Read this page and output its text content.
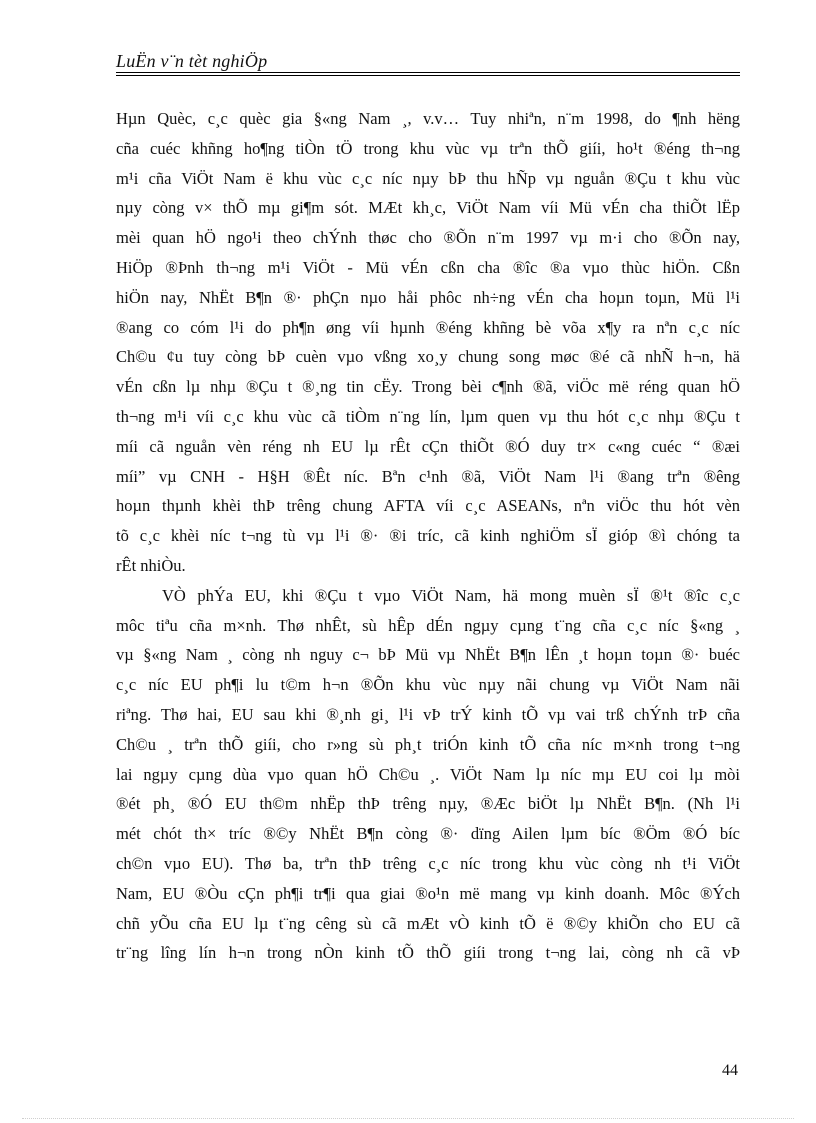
LuËn v¨n tèt nghiÖp
Hµn Quèc, c¸c quèc gia §«ng Nam ¸, v.v… Tuy nhiªn, n¨m 1998, do ¶nh hëng
cña cuéc khñng ho¶ng tiÒn tÖ trong khu vùc vµ trªn thÕ giíi, ho¹t ®éng th¬ng
m¹i cña ViÖt Nam ë khu vùc c¸c níc nµy bÞ thu hÑp vµ nguån ®Çu t khu vùc
nµy còng v× thÕ mµ gi¶m sót. MÆt kh¸c, ViÖt Nam víi Mü vÉn cha thiÕt lËp
mèi quan hÖ ngo¹i theo chÝnh thøc cho ®Õn n¨m 1997 vµ m·i cho ®Õn nay,
HiÖp ®Þnh th¬ng m¹i ViÖt - Mü vÉn cßn cha ®îc ®a vµo thùc hiÖn. Cßn
hiÖn nay, NhËt B¶n ®· phÇn nµo håi phôc nh÷ng vÉn cha hoµn toµn, Mü l¹i
®ang co cóm l¹i do ph¶n øng víi hµnh ®éng khñng bè võa x¶y ra nªn c¸c níc
Ch©u ¢u tuy còng bÞ cuèn vµo vßng xo¸y chung song møc ®é cã nhÑ h¬n, hä
vÉn cßn lµ nhµ ®Çu t ®¸ng tin cËy. Trong bèi c¶nh ®ã, viÖc më réng quan hÖ
th¬ng m¹i víi c¸c khu vùc cã tiÒm n¨ng lín, lµm quen vµ thu hót c¸c nhµ ®Çu t
míi cã nguån vèn réng nh EU lµ rÊt cÇn thiÕt ®Ó duy tr× c«ng cuéc “ ®æi
míi” vµ CNH - H§H ®Êt níc. Bªn c¹nh ®ã, ViÖt Nam l¹i ®ang trªn ®êng
hoµn thµnh khèi thÞ trêng chung AFTA víi c¸c ASEANs, nªn viÖc thu hót vèn
tõ c¸c khèi níc t¬ng tù vµ l¹i ®· ®i tríc, cã kinh nghiÖm sÏ gióp ®ì chóng ta
rÊt nhiÒu.
VÒ phÝa EU, khi ®Çu t vµo ViÖt Nam, hä mong muèn sÏ ®¹t ®îc c¸c
môc tiªu cña m×nh. Thø nhÊt, sù hÊp dÉn ngµy cµng t¨ng cña c¸c níc §«ng ¸
vµ §«ng Nam ¸ còng nh nguy c¬ bÞ Mü vµ NhËt B¶n lÊn ¸t hoµn toµn ®· buéc
c¸c níc EU ph¶i lu t©m h¬n ®Õn khu vùc nµy nãi chung vµ ViÖt Nam nãi
riªng. Thø hai, EU sau khi ®¸nh gi¸ l¹i vÞ trÝ kinh tÕ vµ vai trß chÝnh trÞ cña
Ch©u ¸ trªn thÕ giíi, cho r»ng sù ph¸t triÓn kinh tÕ cña níc m×nh trong t¬ng
lai ngµy cµng dùa vµo quan hÖ Ch©u ¸. ViÖt Nam lµ níc mµ EU coi lµ mòi
®ét ph¸ ®Ó EU th©m nhËp thÞ trêng nµy, ®Æc biÖt lµ NhËt B¶n. (Nh l¹i
mét chót th× tríc ®©y NhËt B¶n còng ®· dïng Ailen lµm bíc ®Öm ®Ó bíc
ch©n vµo EU). Thø ba, trªn thÞ trêng c¸c níc trong khu vùc còng nh t¹i ViÖt
Nam, EU ®Òu cÇn ph¶i tr¶i qua giai ®o¹n më mang vµ kinh doanh. Môc ®Ých
chñ yÕu cña EU lµ t¨ng cêng sù cã mÆt vÒ kinh tÕ ë ®©y khiÕn cho EU cã
tr¨ng lîng lín h¬n trong nÒn kinh tÕ thÕ giíi trong t¬ng lai, còng nh cã vÞ
44
